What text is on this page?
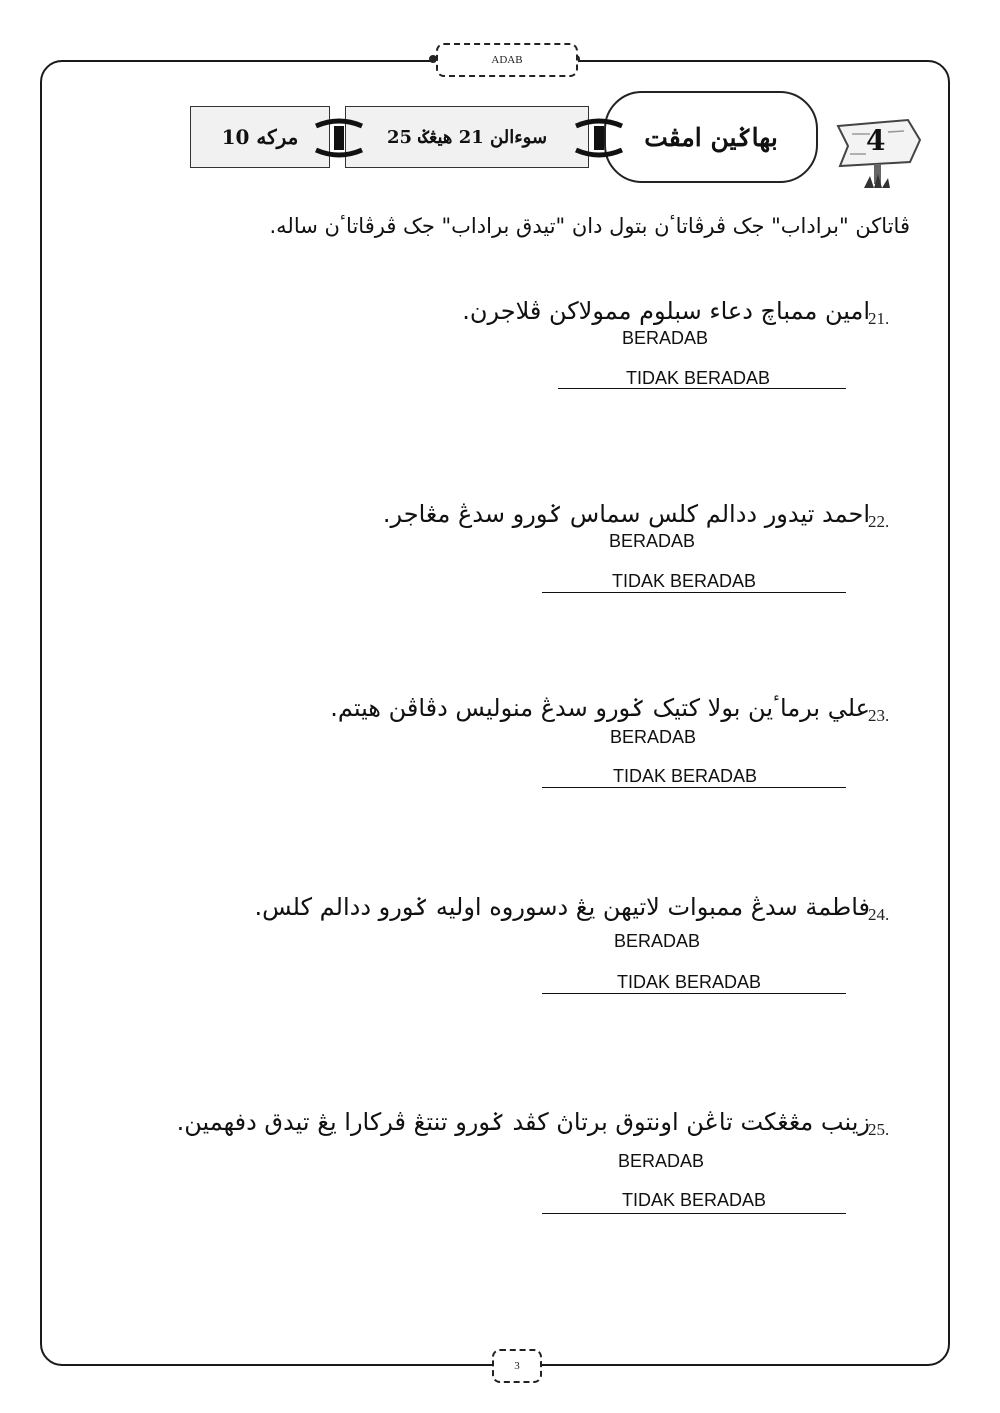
ADAB
10 مرکه	سوءالن 21 هيڠݢ 25	بهاݢين امڤت	4
ڤاتاکن "براداب" جک ڤرڤاتاٴن بتول دان "تيدق براداب" جک ڤرڤاتاٴن ساله.
21.
امين ممباچ دعاء سبلوم ممولاکن ڤلاجرن.
BERADAB
TIDAK BERADAB
22.
احمد تيدور ددالم کلس سماس ݢورو سدڠ مڠاجر.
BERADAB
TIDAK BERADAB
23.
علي برماٴين بولا کتيک ݢورو سدڠ منوليس دڤاڤن هيتم.
BERADAB
TIDAK BERADAB
24.
فاطمة سدڠ ممبوات لاتيهن يڠ دسوروه اوليه ݢورو ددالم کلس.
BERADAB
TIDAK BERADAB
25.
زينب مڠڠکت تاڠن اونتوق برتاڽ کڤد ݢورو تنتڠ ڤرکارا يڠ تيدق دفهمين.
BERADAB
TIDAK BERADAB
3
